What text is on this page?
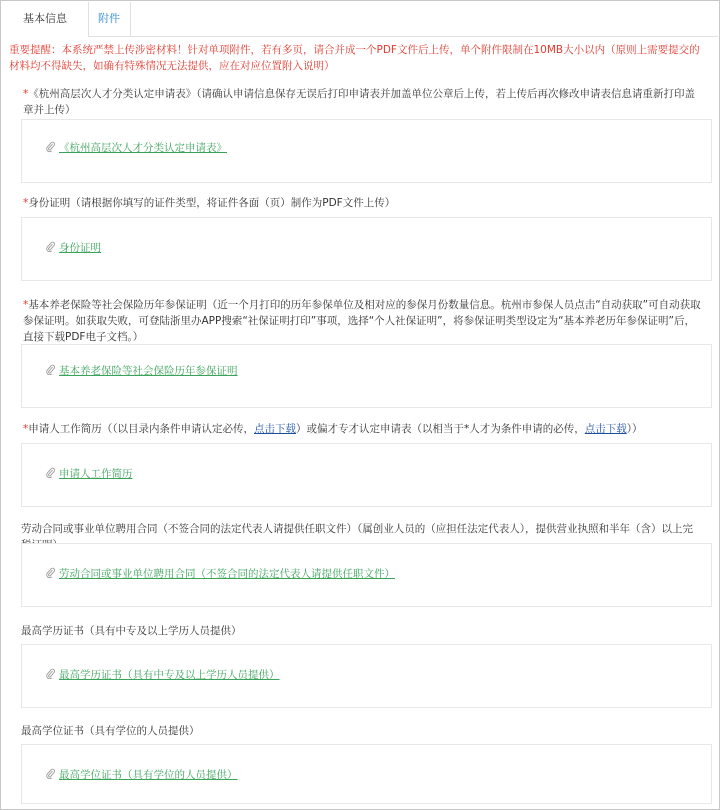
基本信息	附件
重要提醒：本系统严禁上传涉密材料！针对单项附件，若有多页，请合并成一个PDF文件后上传，单个附件限制在10MB大小以内（原则上需要提交的材料均不得缺失，如确有特殊情况无法提供，应在对应位置附入说明）
*《杭州高层次人才分类认定申请表》（请确认申请信息保存无误后打印申请表并加盖单位公章后上传，若上传后再次修改申请表信息请重新打印盖章并上传）
《杭州高层次人才分类认定申请表》
*身份证明（请根据你填写的证件类型，将证件各面（页）制作为PDF文件上传）
身份证明
*基本养老保险等社会保险历年参保证明（近一个月打印的历年参保单位及相对应的参保月份数量信息。杭州市参保人员点击“自动获取”可自动获取参保证明。如获取失败，可登陆浙里办APP搜索“社保证明打印”事项，选择“个人社保证明”，将参保证明类型设定为“基本养老历年参保证明”后，直接下载PDF电子文档。）
基本养老保险等社会保险历年参保证明
*申请人工作简历（（以目录内条件申请认定必传，点击下载）或偏才专才认定申请表（以相当于*人才为条件申请的必传，点击下载））
申请人工作简历
劳动合同或事业单位聘用合同（不签合同的法定代表人请提供任职文件）（属创业人员的（应担任法定代表人），提供营业执照和半年（含）以上完
劳动合同或事业单位聘用合同（不签合同的法定代表人请提供任职文件）
最高学历证书（具有中专及以上学历人员提供）
最高学历证书（具有中专及以上学历人员提供）
最高学位证书（具有学位的人员提供）
最高学位证书（具有学位的人员提供）
